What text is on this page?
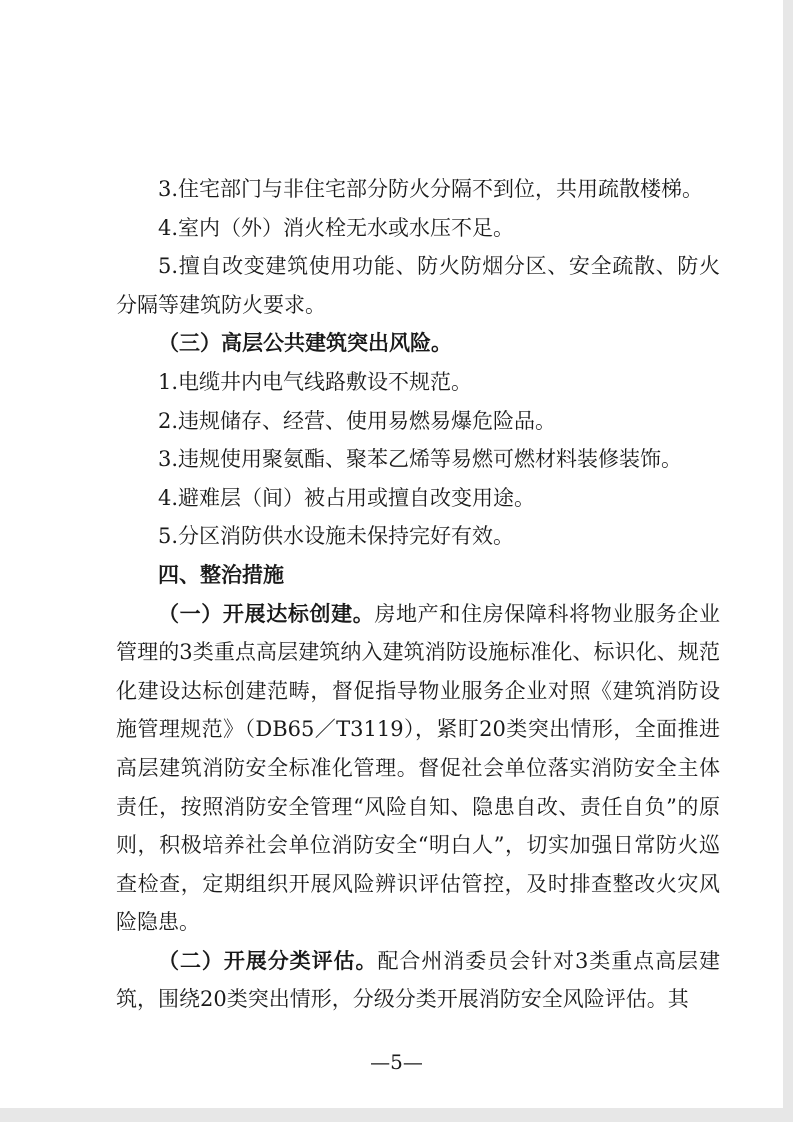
3.住宅部门与非住宅部分防火分隔不到位，共用疏散楼梯。

4.室内（外）消火栓无水或水压不足。

5.擅自改变建筑使用功能、防火防烟分区、安全疏散、防火分隔等建筑防火要求。

（三）高层公共建筑突出风险。

1.电缆井内电气线路敷设不规范。

2.违规储存、经营、使用易燃易爆危险品。

3.违规使用聚氨酯、聚苯乙烯等易燃可燃材料装修装饰。

4.避难层（间）被占用或擅自改变用途。

5.分区消防供水设施未保持完好有效。

四、整治措施

（一）开展达标创建。房地产和住房保障科将物业服务企业管理的3类重点高层建筑纳入建筑消防设施标准化、标识化、规范化建设达标创建范畴，督促指导物业服务企业对照《建筑消防设施管理规范》（DB65／T3119），紧盯20类突出情形，全面推进高层建筑消防安全标准化管理。督促社会单位落实消防安全主体责任，按照消防安全管理“风险自知、隐患自改、责任自负”的原则，积极培养社会单位消防安全“明白人”，切实加强日常防火巡查检查，定期组织开展风险辨识评估管控，及时排查整改火灾风险隐患。

（二）开展分类评估。配合州消委员会针对3类重点高层建筑，围绕20类突出情形，分级分类开展消防安全风险评估。其

—5—
